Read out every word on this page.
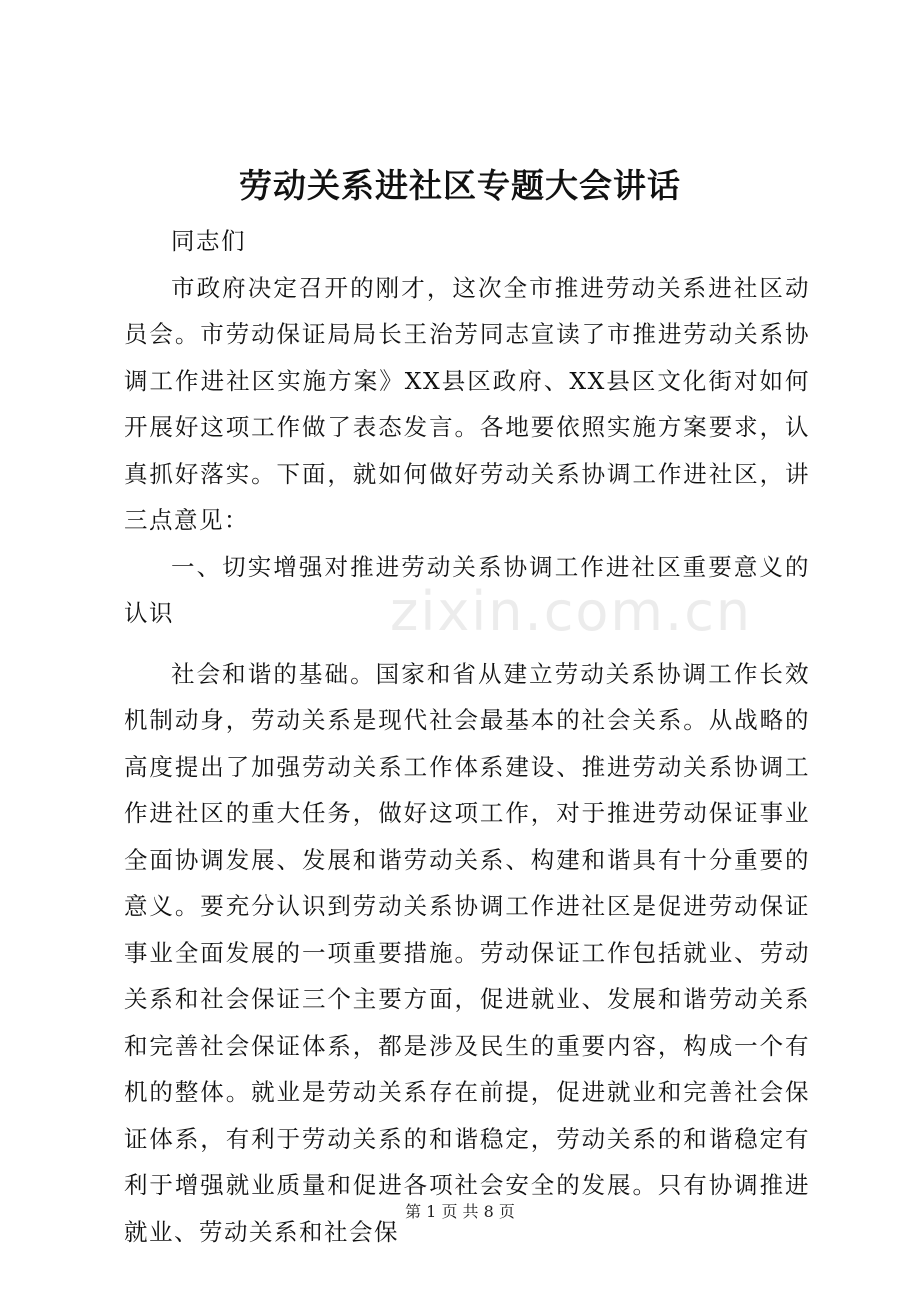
劳动关系进社区专题大会讲话

同志们

市政府决定召开的刚才，这次全市推进劳动关系进社区动员会。市劳动保证局局长王治芳同志宣读了市推进劳动关系协调工作进社区实施方案》XX县区政府、XX县区文化街对如何开展好这项工作做了表态发言。各地要依照实施方案要求，认真抓好落实。下面，就如何做好劳动关系协调工作进社区，讲三点意见：

一、切实增强对推进劳动关系协调工作进社区重要意义的认识

社会和谐的基础。国家和省从建立劳动关系协调工作长效机制动身，劳动关系是现代社会最基本的社会关系。从战略的高度提出了加强劳动关系工作体系建设、推进劳动关系协调工作进社区的重大任务，做好这项工作，对于推进劳动保证事业全面协调发展、发展和谐劳动关系、构建和谐具有十分重要的意义。要充分认识到劳动关系协调工作进社区是促进劳动保证事业全面发展的一项重要措施。劳动保证工作包括就业、劳动关系和社会保证三个主要方面，促进就业、发展和谐劳动关系和完善社会保证体系，都是涉及民生的重要内容，构成一个有机的整体。就业是劳动关系存在前提，促进就业和完善社会保证体系，有利于劳动关系的和谐稳定，劳动关系的和谐稳定有利于增强就业质量和促进各项社会安全的发展。只有协调推进就业、劳动关系和社会保

zixin.com.cn
第 1 页 共 8 页
